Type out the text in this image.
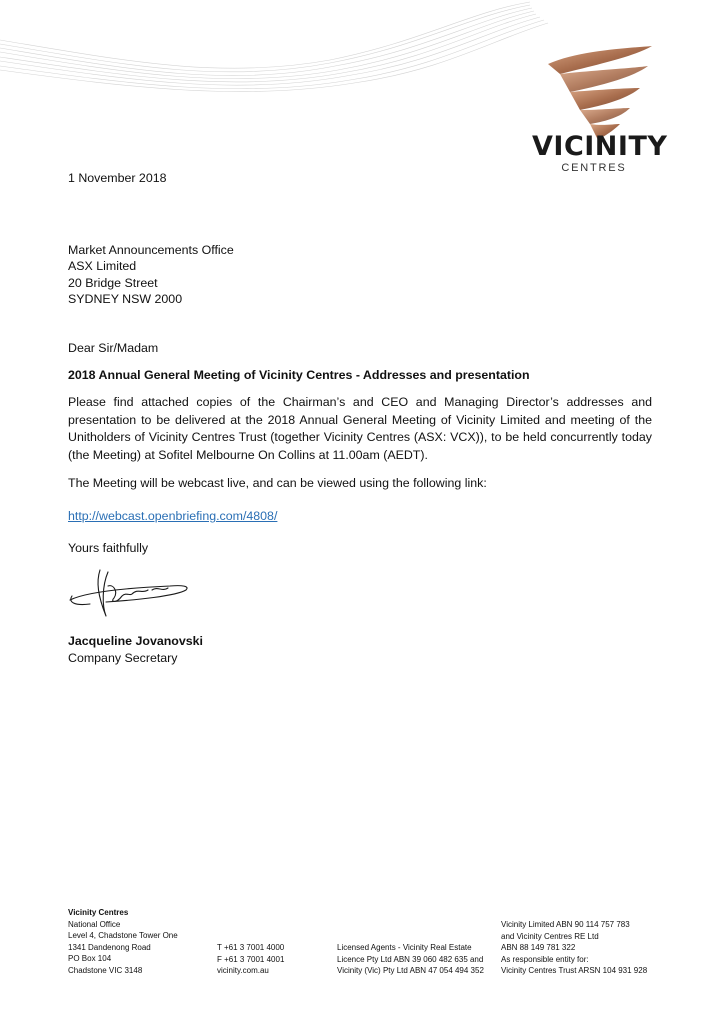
VICINITY
CENTRES
1 November 2018
Market Announcements Office
ASX Limited
20 Bridge Street
SYDNEY NSW 2000
Dear Sir/Madam
2018 Annual General Meeting of Vicinity Centres - Addresses and presentation
Please find attached copies of the Chairman’s and CEO and Managing Director’s addresses and presentation to be delivered at the 2018 Annual General Meeting of Vicinity Limited and meeting of the Unitholders of Vicinity Centres Trust (together Vicinity Centres (ASX: VCX)), to be held concurrently today (the Meeting) at Sofitel Melbourne On Collins at 11.00am (AEDT).
The Meeting will be webcast live, and can be viewed using the following link:
http://webcast.openbriefing.com/4808/
Yours faithfully
Jacqueline Jovanovski
Company Secretary
Vicinity Centres
National Office
Level 4, Chadstone Tower One
1341 Dandenong Road
PO Box 104
Chadstone VIC 3148
T +61 3 7001 4000
F +61 3 7001 4001
vicinity.com.au
Licensed Agents - Vicinity Real Estate
Licence Pty Ltd ABN 39 060 482 635 and
Vicinity (Vic) Pty Ltd ABN 47 054 494 352
Vicinity Limited ABN 90 114 757 783
and Vicinity Centres RE Ltd
ABN 88 149 781 322
As responsible entity for:
Vicinity Centres Trust ARSN 104 931 928
